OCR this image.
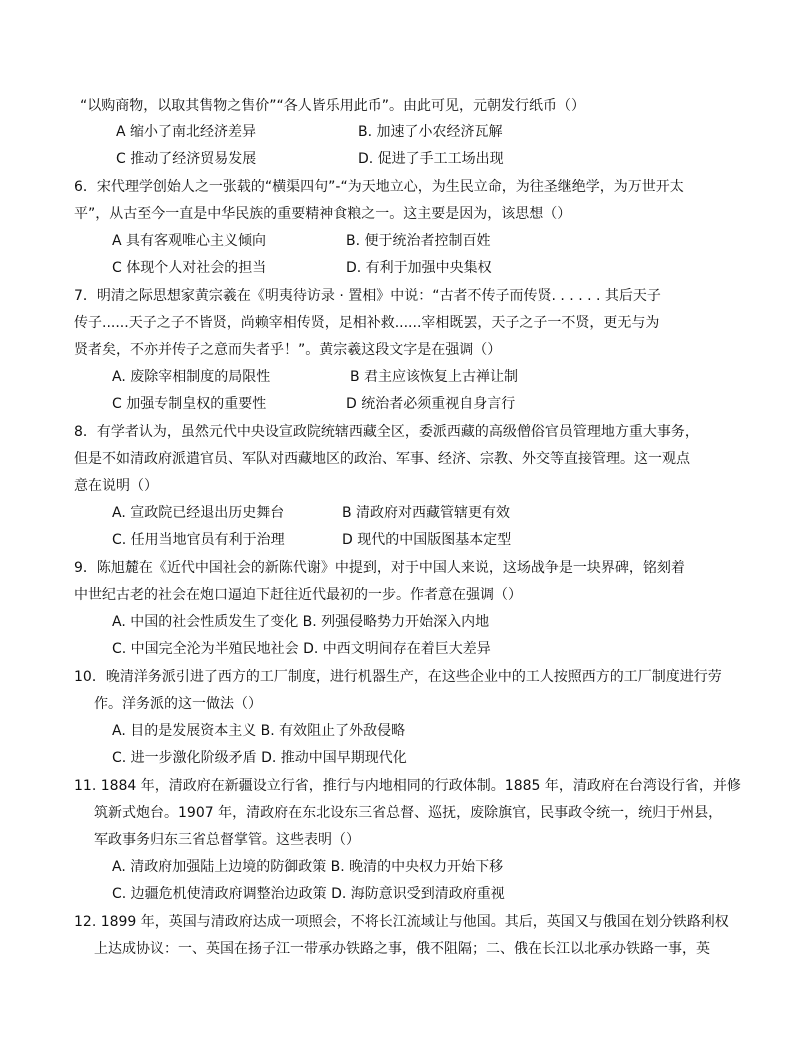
“以购商物，以取其售物之售价”“各人皆乐用此币”。由此可见，元朝发行纸币（）
A 缩小了南北经济差异	B. 加速了小农经济瓦解
C 推动了经济贸易发展	D. 促进了手工工场出现
6．宋代理学创始人之一张载的“横渠四句”-“为天地立心，为生民立命，为往圣继绝学，为万世开太
平”，从古至今一直是中华民族的重要精神食粮之一。这主要是因为，该思想（）
A 具有客观唯心主义倾向	B. 便于统治者控制百姓
C 体现个人对社会的担当	D. 有利于加强中央集权
7．明清之际思想家黄宗羲在《明夷待访录 · 置相》中说：“古者不传子而传贤. . . . . . 其后天子
传子......天子之子不皆贤，尚赖宰相传贤，足相补救......宰相既罢，天子之子一不贤，更无与为
贤者矣，不亦并传子之意而失者乎！”。黄宗羲这段文字是在强调（）
A. 废除宰相制度的局限性	B 君主应该恢复上古禅让制
C 加强专制皇权的重要性	D 统治者必须重视自身言行
8．有学者认为，虽然元代中央设宣政院统辖西藏全区，委派西藏的高级僧俗官员管理地方重大事务，
但是不如清政府派遣官员、军队对西藏地区的政治、军事、经济、宗教、外交等直接管理。这一观点
意在说明（）
A. 宣政院已经退出历史舞台	B 清政府对西藏管辖更有效
C. 任用当地官员有利于治理	D 现代的中国版图基本定型
9．陈旭麓在《近代中国社会的新陈代谢》中提到，对于中国人来说，这场战争是一块界碑，铭刻着
中世纪古老的社会在炮口逼迫下赶往近代最初的一步。作者意在强调（）
A. 中国的社会性质发生了变化 B. 列强侵略势力开始深入内地
C. 中国完全沦为半殖民地社会 D. 中西文明间存在着巨大差异
10．晚清洋务派引进了西方的工厂制度，进行机器生产，在这些企业中的工人按照西方的工厂制度进行劳
作。洋务派的这一做法（）
A. 目的是发展资本主义 B. 有效阻止了外敌侵略
C. 进一步激化阶级矛盾 D. 推动中国早期现代化
11. 1884 年，清政府在新疆设立行省，推行与内地相同的行政体制。1885 年，清政府在台湾设行省，并修
筑新式炮台。1907 年，清政府在东北设东三省总督、巡抚，废除旗官，民事政令统一，统归于州县，
军政事务归东三省总督掌管。这些表明（）
A. 清政府加强陆上边境的防御政策 B. 晚清的中央权力开始下移
C. 边疆危机使清政府调整治边政策 D. 海防意识受到清政府重视
12. 1899 年，英国与清政府达成一项照会，不将长江流域让与他国。其后，英国又与俄国在划分铁路利权
上达成协议：一、英国在扬子江一带承办铁路之事，俄不阻隔；二、俄在长江以北承办铁路一事，英
